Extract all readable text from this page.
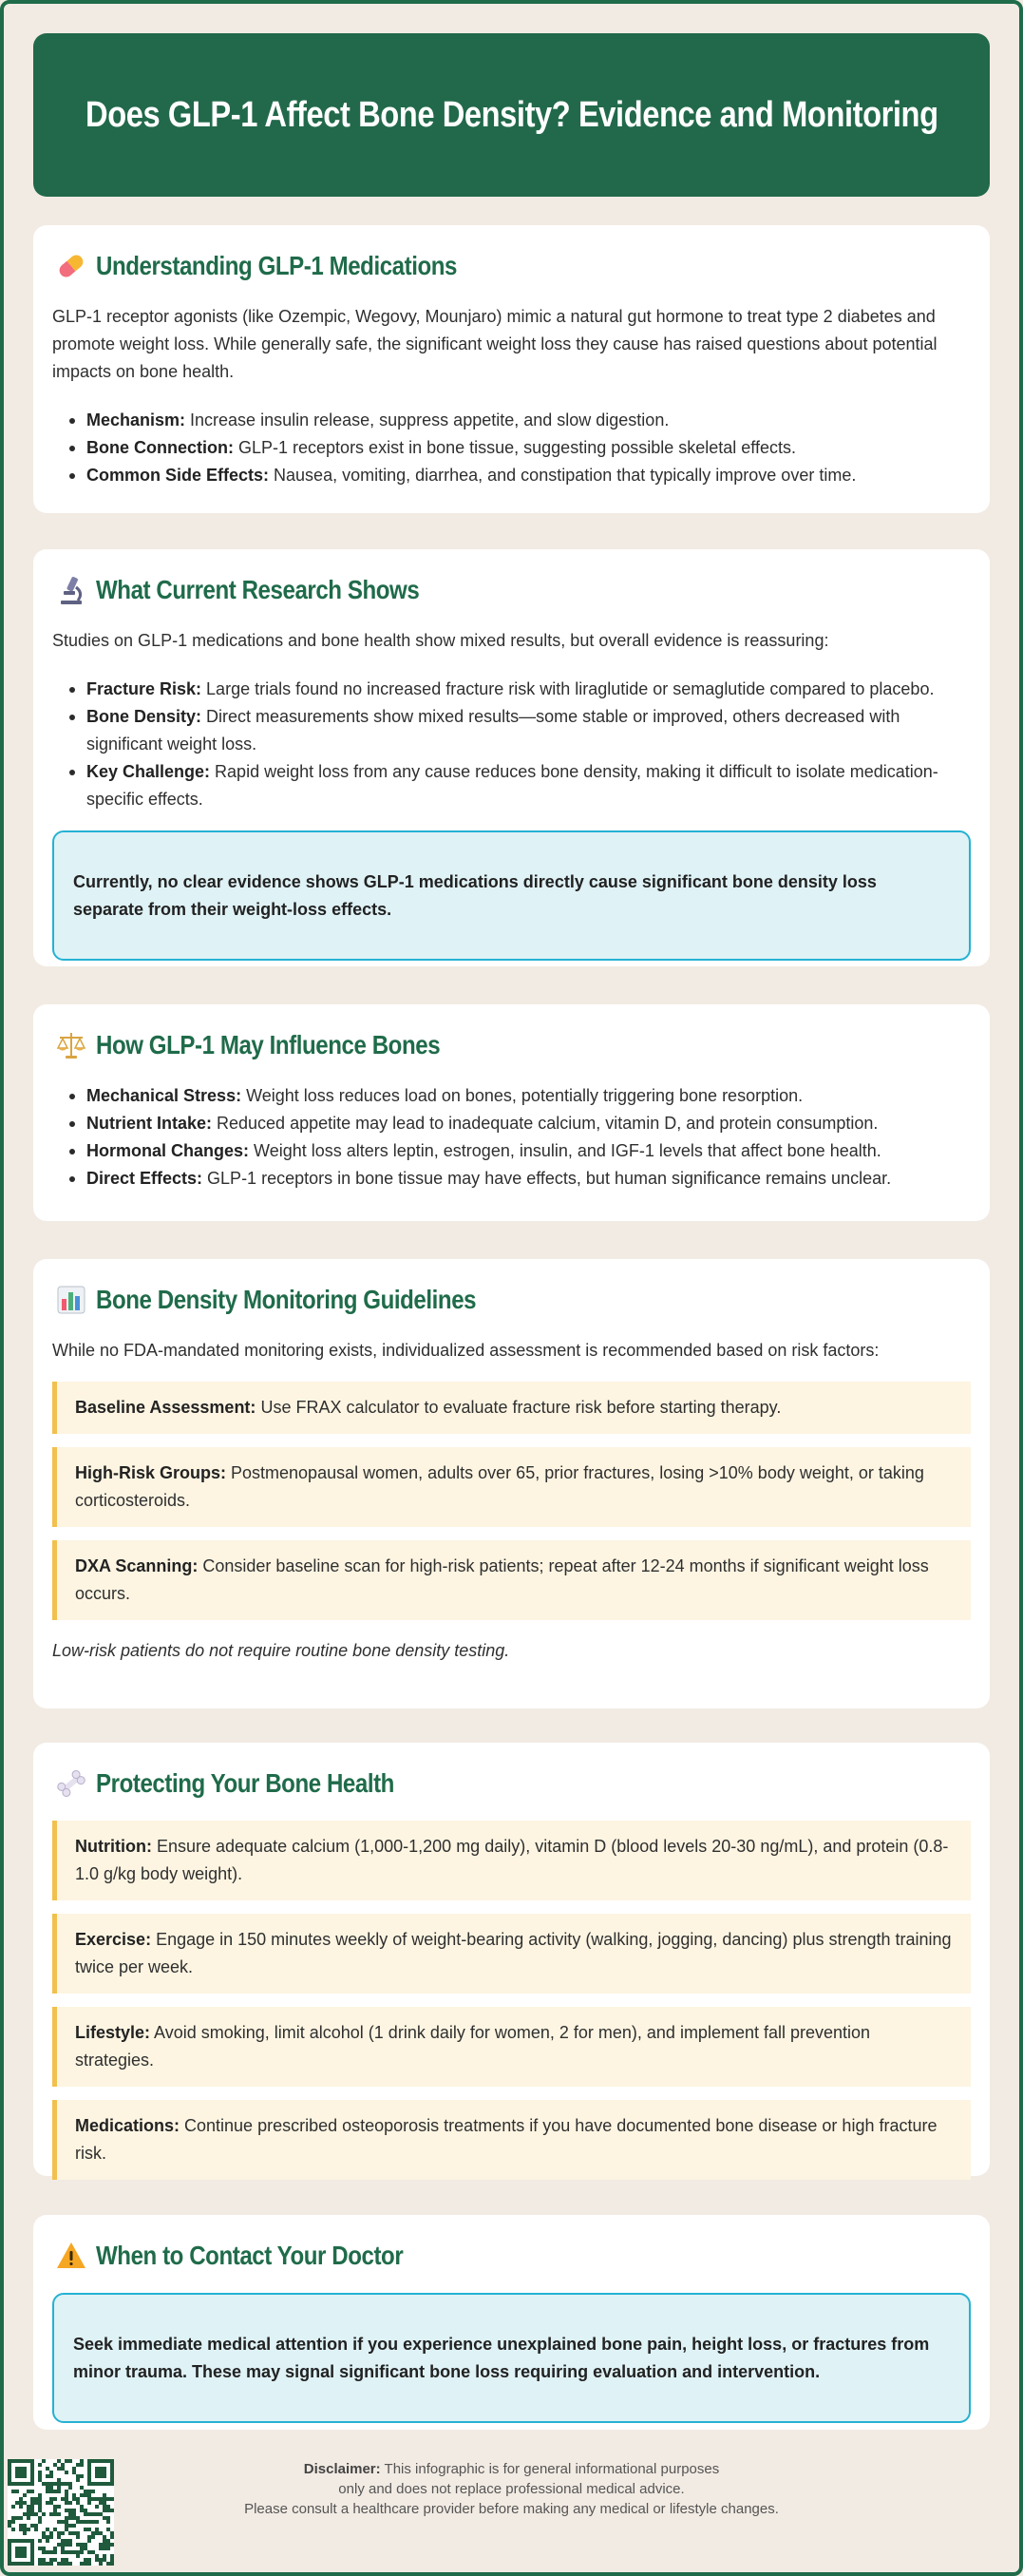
Does GLP-1 Affect Bone Density? Evidence and Monitoring
Understanding GLP-1 Medications

GLP-1 receptor agonists (like Ozempic, Wegovy, Mounjaro) mimic a natural gut hormone to treat type 2 diabetes and promote weight loss. While generally safe, the significant weight loss they cause has raised questions about potential impacts on bone health.

Mechanism: Increase insulin release, suppress appetite, and slow digestion.
Bone Connection: GLP-1 receptors exist in bone tissue, suggesting possible skeletal effects.
Common Side Effects: Nausea, vomiting, diarrhea, and constipation that typically improve over time.
What Current Research Shows

Studies on GLP-1 medications and bone health show mixed results, but overall evidence is reassuring:

Fracture Risk: Large trials found no increased fracture risk with liraglutide or semaglutide compared to placebo.
Bone Density: Direct measurements show mixed results—some stable or improved, others decreased with significant weight loss.
Key Challenge: Rapid weight loss from any cause reduces bone density, making it difficult to isolate medication-specific effects.
Currently, no clear evidence shows GLP-1 medications directly cause significant bone density loss separate from their weight-loss effects.
How GLP-1 May Influence Bones
Mechanical Stress: Weight loss reduces load on bones, potentially triggering bone resorption.
Nutrient Intake: Reduced appetite may lead to inadequate calcium, vitamin D, and protein consumption.
Hormonal Changes: Weight loss alters leptin, estrogen, insulin, and IGF-1 levels that affect bone health.
Direct Effects: GLP-1 receptors in bone tissue may have effects, but human significance remains unclear.
Bone Density Monitoring Guidelines

While no FDA-mandated monitoring exists, individualized assessment is recommended based on risk factors:

Baseline Assessment: Use FRAX calculator to evaluate fracture risk before starting therapy.
High-Risk Groups: Postmenopausal women, adults over 65, prior fractures, losing >10% body weight, or taking corticosteroids.
DXA Scanning: Consider baseline scan for high-risk patients; repeat after 12-24 months if significant weight loss occurs.

Low-risk patients do not require routine bone density testing.

Protecting Your Bone Health
Nutrition: Ensure adequate calcium (1,000-1,200 mg daily), vitamin D (blood levels 20-30 ng/mL), and protein (0.8-1.0 g/kg body weight).
Exercise: Engage in 150 minutes weekly of weight-bearing activity (walking, jogging, dancing) plus strength training twice per week.
Lifestyle: Avoid smoking, limit alcohol (1 drink daily for women, 2 for men), and implement fall prevention strategies.
Medications: Continue prescribed osteoporosis treatments if you have documented bone disease or high fracture risk.
When to Contact Your Doctor
Seek immediate medical attention if you experience unexplained bone pain, height loss, or fractures from minor trauma. These may signal significant bone loss requiring evaluation and intervention.
Disclaimer: This infographic is for general informational purposes
only and does not replace professional medical advice.
Please consult a healthcare provider before making any medical or lifestyle changes.
